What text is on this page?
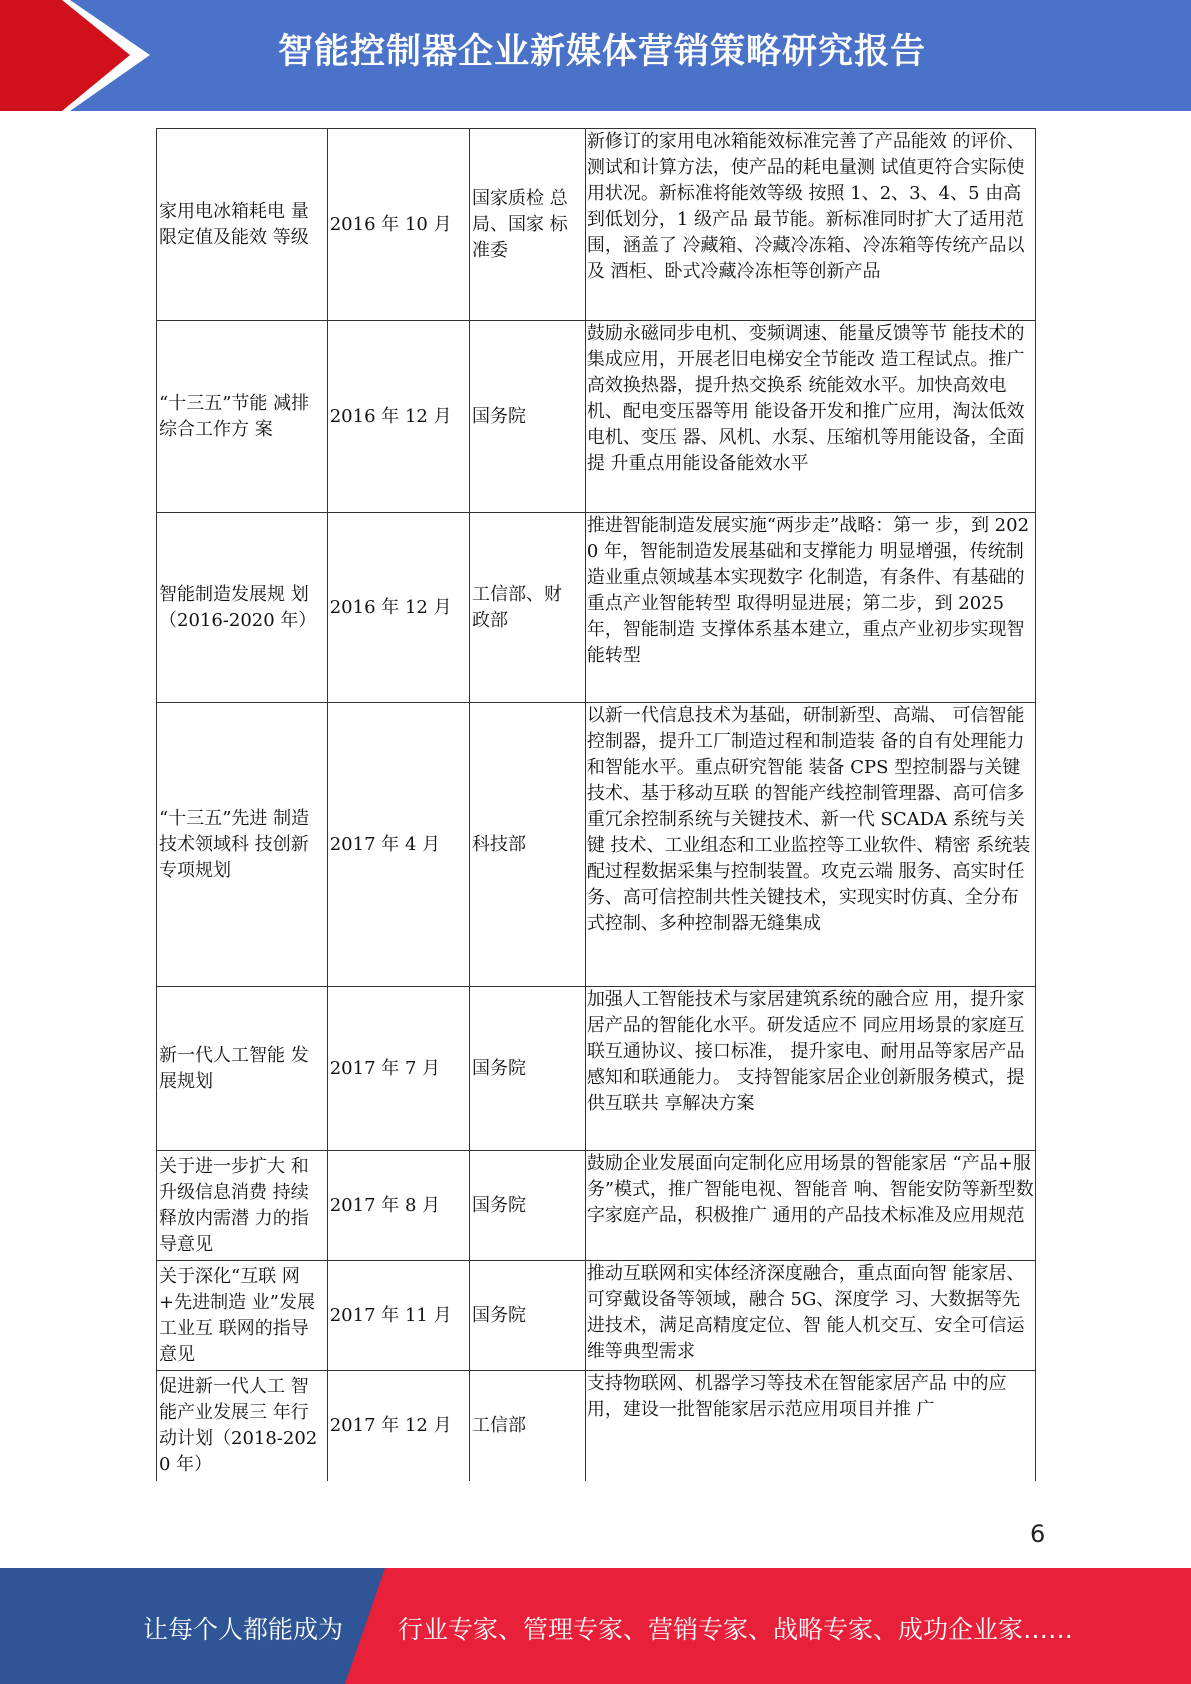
智能控制器企业新媒体营销策略研究报告
家用电冰箱耗电 量限定值及能效 等级	2016 年 10 月	国家质检 总局、国家 标准委	新修订的家用电冰箱能效标准完善了产品能效 的评价、测试和计算方法，使产品的耗电量测 试值更符合实际使用状况。新标准将能效等级 按照 1、2、3、4、5 由高到低划分，1 级产品 最节能。新标准同时扩大了适用范围，涵盖了 冷藏箱、冷藏冷冻箱、冷冻箱等传统产品以及 酒柜、卧式冷藏冷冻柜等创新产品
“十三五”节能 减排综合工作方 案	2016 年 12 月	国务院	鼓励永磁同步电机、变频调速、能量反馈等节 能技术的集成应用，开展老旧电梯安全节能改 造工程试点。推广高效换热器，提升热交换系 统能效水平。加快高效电机、配电变压器等用 能设备开发和推广应用，淘汰低效电机、变压 器、风机、水泵、压缩机等用能设备，全面提 升重点用能设备能效水平
智能制造发展规 划（2016-2020 年）	2016 年 12 月	工信部、财 政部	推进智能制造发展实施“两步走”战略：第一 步，到 2020 年，智能制造发展基础和支撑能力 明显增强，传统制造业重点领域基本实现数字 化制造，有条件、有基础的重点产业智能转型 取得明显进展；第二步，到 2025 年，智能制造 支撑体系基本建立，重点产业初步实现智能转型
“十三五”先进 制造技术领域科 技创新专项规划	2017 年 4 月	科技部	以新一代信息技术为基础，研制新型、高端、 可信智能控制器，提升工厂制造过程和制造装 备的自有处理能力和智能水平。重点研究智能 装备 CPS 型控制器与关键技术、基于移动互联 的智能产线控制管理器、高可信多重冗余控制系统与关键技术、新一代 SCADA 系统与关键 技术、工业组态和工业监控等工业软件、精密 系统装配过程数据采集与控制装置。攻克云端 服务、高实时任务、高可信控制共性关键技术，实现实时仿真、全分布式控制、多种控制器无缝集成
新一代人工智能 发展规划	2017 年 7 月	国务院	加强人工智能技术与家居建筑系统的融合应 用，提升家居产品的智能化水平。研发适应不 同应用场景的家庭互联互通协议、接口标准， 提升家电、耐用品等家居产品感知和联通能力。 支持智能家居企业创新服务模式，提供互联共 享解决方案
关于进一步扩大 和升级信息消费 持续释放内需潜 力的指导意见	2017 年 8 月	国务院	鼓励企业发展面向定制化应用场景的智能家居 “产品+服务”模式，推广智能电视、智能音 响、智能安防等新型数字家庭产品，积极推广 通用的产品技术标准及应用规范
关于深化“互联 网+先进制造 业”发展工业互 联网的指导意见	2017 年 11 月	国务院	推动互联网和实体经济深度融合，重点面向智 能家居、可穿戴设备等领域，融合 5G、深度学 习、大数据等先进技术，满足高精度定位、智 能人机交互、安全可信运维等典型需求
促进新一代人工 智能产业发展三 年行动计划（2018-2020 年）	2017 年 12 月	工信部	支持物联网、机器学习等技术在智能家居产品 中的应用，建设一批智能家居示范应用项目并推 广
6
让每个人都能成为 行业专家、管理专家、营销专家、战略专家、成功企业家……
